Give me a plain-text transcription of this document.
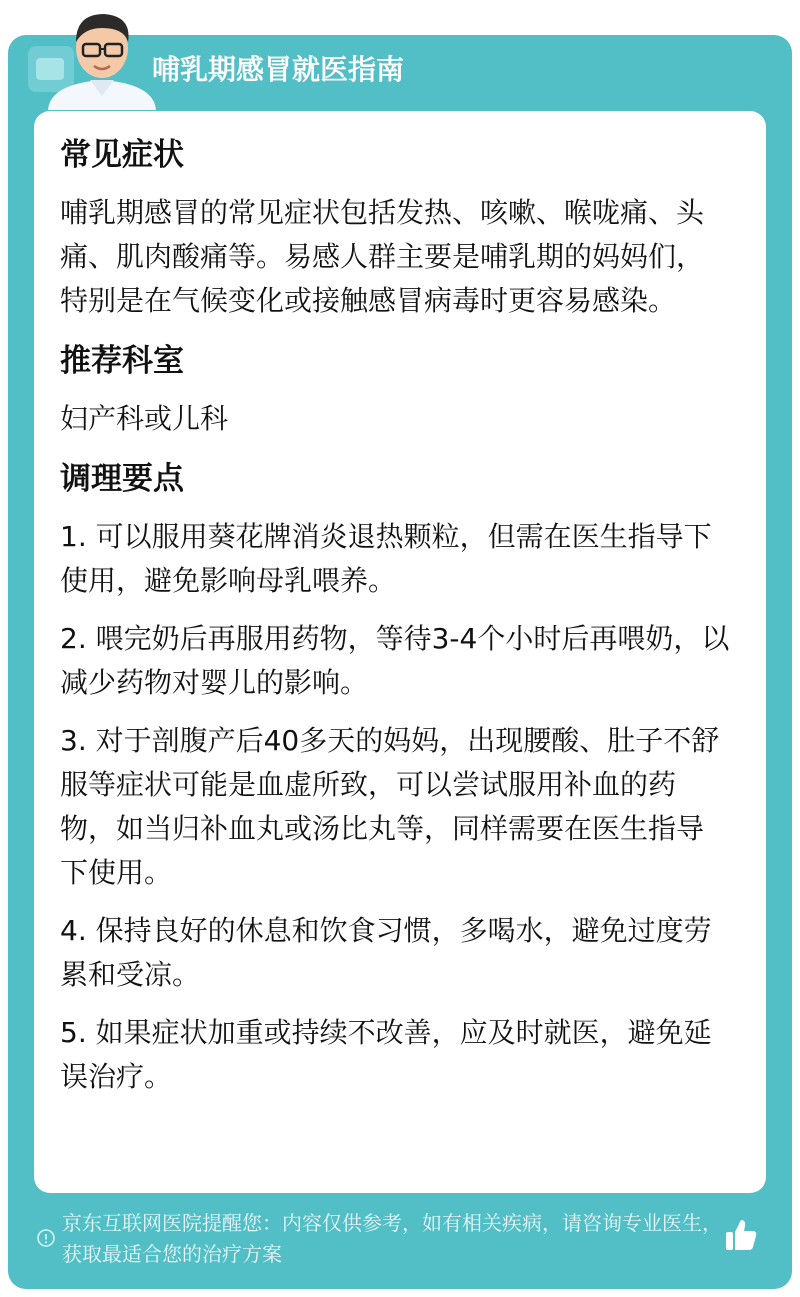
哺乳期感冒就医指南
常见症状

哺乳期感冒的常见症状包括发热、咳嗽、喉咙痛、头痛、肌肉酸痛等。易感人群主要是哺乳期的妈妈们，特别是在气候变化或接触感冒病毒时更容易感染。

推荐科室

妇产科或儿科

调理要点

1. 可以服用葵花牌消炎退热颗粒，但需在医生指导下使用，避免影响母乳喂养。

2. 喂完奶后再服用药物，等待3-4个小时后再喂奶，以减少药物对婴儿的影响。

3. 对于剖腹产后40多天的妈妈，出现腰酸、肚子不舒服等症状可能是血虚所致，可以尝试服用补血的药物，如当归补血丸或汤比丸等，同样需要在医生指导下使用。

4. 保持良好的休息和饮食习惯，多喝水，避免过度劳累和受凉。

5. 如果症状加重或持续不改善，应及时就医，避免延误治疗。

京东互联网医院提醒您：内容仅供参考，如有相关疾病，请咨询专业医生，获取最适合您的治疗方案
